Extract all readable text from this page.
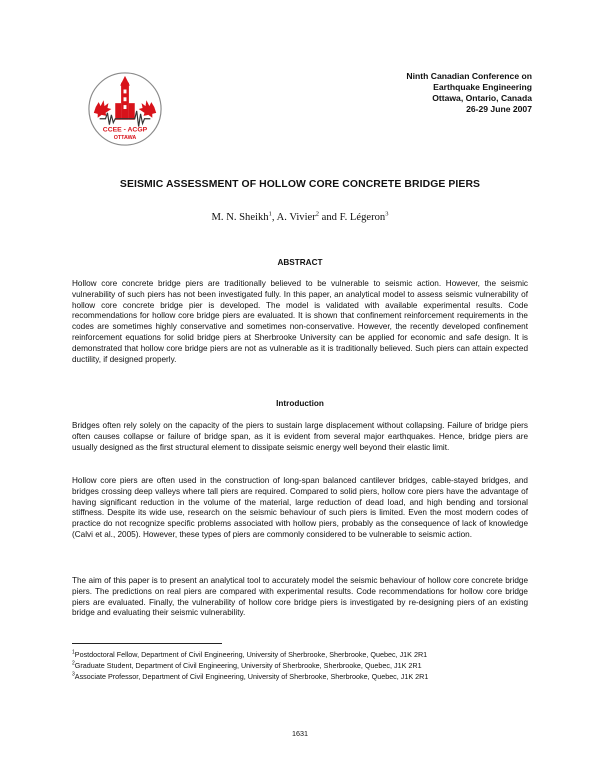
CCEE - ACGP
OTTAWA
Ninth Canadian Conference on
Earthquake Engineering
Ottawa, Ontario, Canada
26-29 June 2007
SEISMIC ASSESSMENT OF HOLLOW CORE CONCRETE BRIDGE PIERS
M. N. Sheikh$^1$, A. Vivier$^2$ and F. Légeron$^3$
ABSTRACT
Hollow core concrete bridge piers are traditionally believed to be vulnerable to seismic action. However, the seismic vulnerability of such piers has not been investigated fully. In this paper, an analytical model to assess seismic vulnerability of hollow core concrete bridge pier is developed. The model is validated with available experimental results. Code recommendations for hollow core bridge piers are evaluated. It is shown that confinement reinforcement requirements in the codes are sometimes highly conservative and sometimes non-conservative. However, the recently developed confinement reinforcement equations for solid bridge piers at Sherbrooke University can be applied for economic and safe design. It is demonstrated that hollow core bridge piers are not as vulnerable as it is traditionally believed. Such piers can attain expected ductility, if designed properly.
Introduction
Bridges often rely solely on the capacity of the piers to sustain large displacement without collapsing. Failure of bridge piers often causes collapse or failure of bridge span, as it is evident from several major earthquakes. Hence, bridge piers are usually designed as the first structural element to dissipate seismic energy well beyond their elastic limit.
Hollow core piers are often used in the construction of long-span balanced cantilever bridges, cable-stayed bridges, and bridges crossing deep valleys where tall piers are required. Compared to solid piers, hollow core piers have the advantage of having significant reduction in the volume of the material, large reduction of dead load, and high bending and torsional stiffness. Despite its wide use, research on the seismic behaviour of such piers is limited. Even the most modern codes of practice do not recognize specific problems associated with hollow piers, probably as the consequence of lack of knowledge (Calvi et al., 2005). However, these types of piers are commonly considered to be vulnerable to seismic action.
The aim of this paper is to present an analytical tool to accurately model the seismic behaviour of hollow core concrete bridge piers. The predictions on real piers are compared with experimental results. Code recommendations for hollow core bridge piers are evaluated. Finally, the vulnerability of hollow core bridge piers is investigated by re-designing piers of an existing bridge and evaluating their seismic vulnerability.
$^1$Postdoctoral Fellow, Department of Civil Engineering, University of Sherbrooke, Sherbrooke, Quebec, J1K 2R1
$^2$Graduate Student, Department of Civil Engineering, University of Sherbrooke, Sherbrooke, Quebec, J1K 2R1
$^3$Associate Professor, Department of Civil Engineering, University of Sherbrooke, Sherbrooke, Quebec, J1K 2R1
1631
